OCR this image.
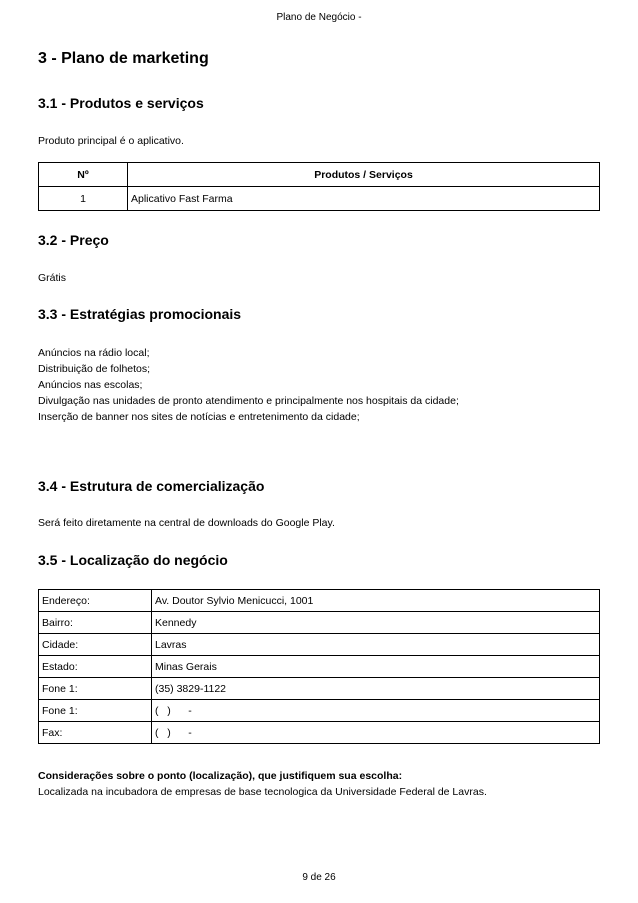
Plano de Negócio -
3 - Plano de marketing
3.1 - Produtos e serviços
Produto principal é o aplicativo.
Nº	Produtos / Serviços
1	Aplicativo Fast Farma
3.2 - Preço
Grátis
3.3 - Estratégias promocionais
Anúncios na rádio local;
Distribuição de folhetos;
Anúncios nas escolas;
Divulgação nas unidades de pronto atendimento e principalmente nos hospitais da cidade;
Inserção de banner nos sites de notícias e entretenimento da cidade;
3.4 - Estrutura de comercialização
Será feito diretamente na central de downloads do Google Play.
3.5 - Localização do negócio
Endereço:	Av. Doutor Sylvio Menicucci, 1001
Bairro:	Kennedy
Cidade:	Lavras
Estado:	Minas Gerais
Fone 1:	(35) 3829-1122
Fone 1:	(   )      -
Fax:	(   )      -
Considerações sobre o ponto (localização), que justifiquem sua escolha:
Localizada na incubadora de empresas de base tecnologica da Universidade Federal de Lavras.
9 de 26
